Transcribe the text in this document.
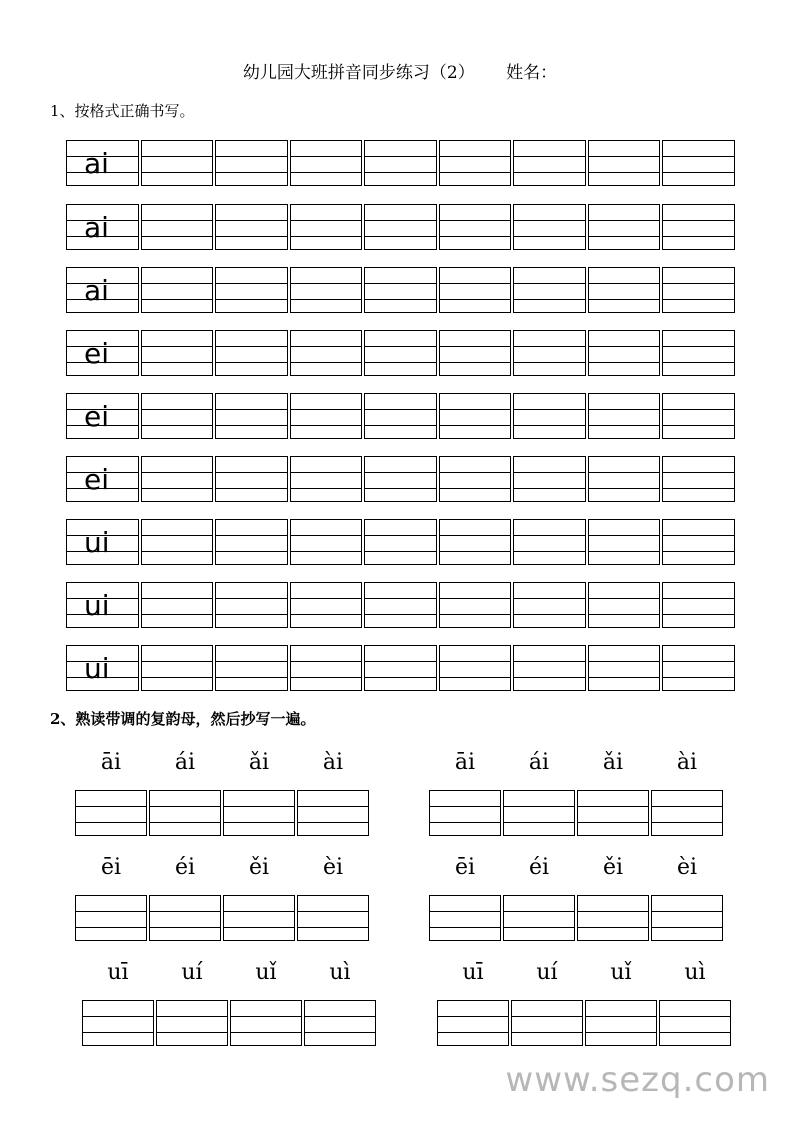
幼儿园大班拼音同步练习（2） 姓名：
1、按格式正确书写。
ai
ai
ai
ei
ei
ei
ui
ui
ui
2、熟读带调的复韵母，然后抄写一遍。
āi ái ǎi ài	āi ái ǎi ài
ēi éi ěi èi	ēi éi ěi èi
uī uí uǐ uì	uī uí uǐ uì
www.sezq.com
